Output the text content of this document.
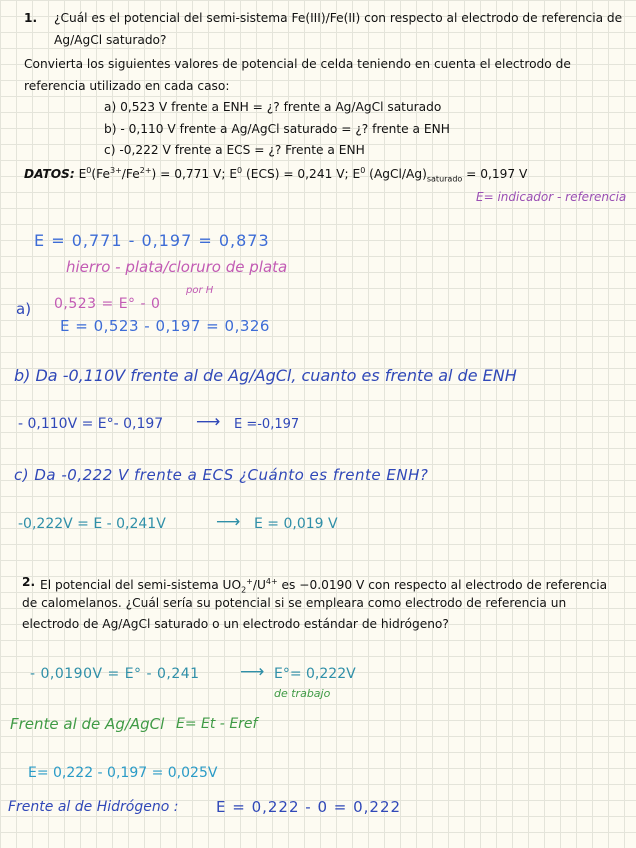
1. ¿Cuál es el potencial del semi-sistema Fe(III)/Fe(II) con respecto al electrodo de referencia de
Ag/AgCl saturado?
Convierta los siguientes valores de potencial de celda teniendo en cuenta el electrodo de
referencia utilizado en cada caso:
a) 0,523 V frente a ENH = ¿? frente a Ag/AgCl saturado
b) - 0,110 V frente a Ag/AgCl saturado = ¿? frente a ENH
c) -0,222 V frente a ECS = ¿? Frente a ENH
DATOS: $E^0(Fe^{3+}/Fe^{2+}) = 0,771$ V; $E^0$ (ECS) = 0,241 V; $E^0$ $(AgCl/Ag)_{saturado} = 0,197$ V
E= indicador - referencia
E = 0,771 - 0,197 = 0,873
hierro - plata/cloruro de plata
a) 0,523 = E° - 0
por H
E = 0,523 - 0,197 = 0,326
b) Da -0,110V frente al de Ag/AgCl, cuanto es frente al de ENH
- 0,110V = E°- 0,197 ⟶ E =-0,197
c) Da -0,222 V frente a ECS ¿Cuánto es frente ENH?
-0,222V = E - 0,241V	⟶ E = 0,019 V
2. El potencial del semi-sistema $UO_2^+/U^{4+}$ es −0.0190 V con respecto al electrodo de referencia
de calomelanos. ¿Cuál sería su potencial si se empleara como electrodo de referencia un
electrodo de Ag/AgCl saturado o un electrodo estándar de hidrógeno?
- 0,0190V = E° - 0,241 ⟶ E°= 0,222V
de trabajo
Frente al de Ag/AgCl E= Et - Eref
E= 0,222 - 0,197 = 0,025V
Frente al de Hidrógeno :	E = 0,222 - 0 = 0,222
